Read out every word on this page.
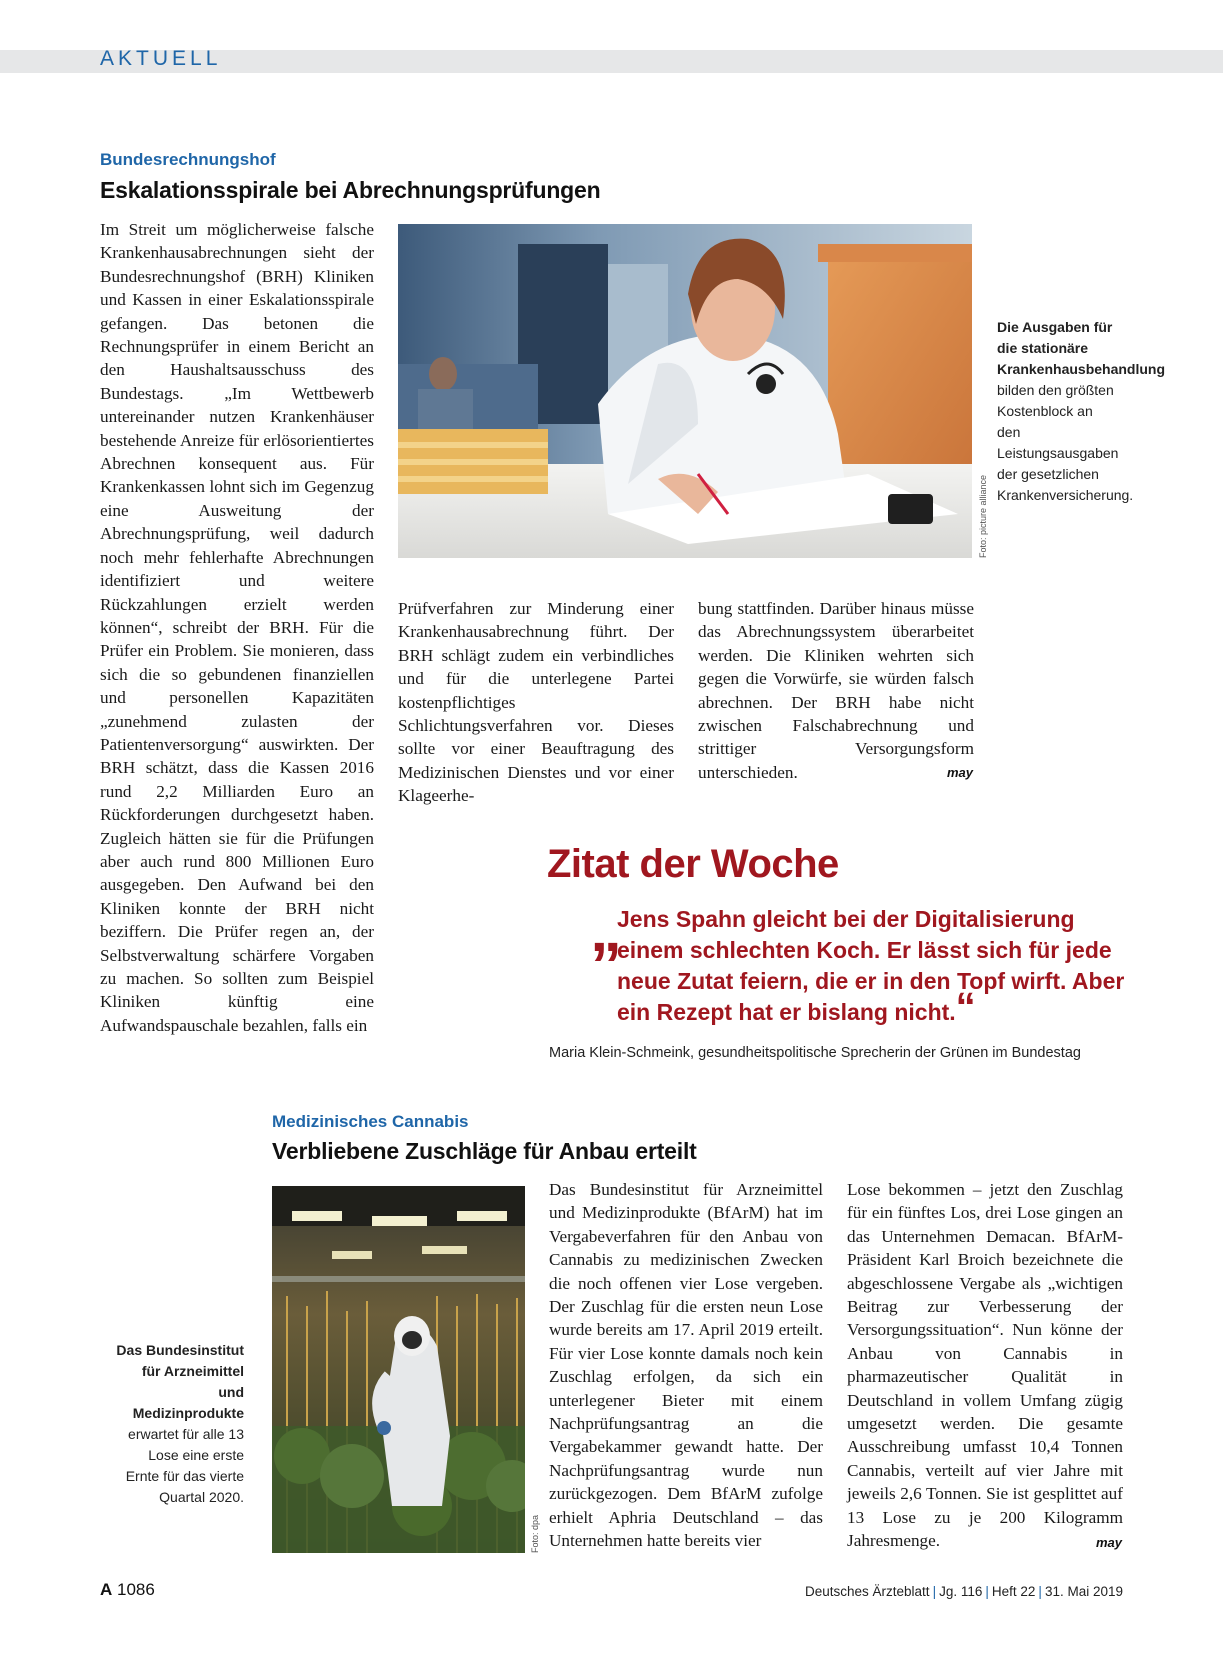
AKTUELL
Bundesrechnungshof
Eskalationsspirale bei Abrechnungsprüfungen
Im Streit um möglicherweise falsche Krankenhausabrechnungen sieht der Bundesrechnungshof (BRH) Kliniken und Kassen in einer Eskalationsspirale gefangen. Das betonen die Rechnungsprüfer in einem Bericht an den Haushaltsausschuss des Bundestags. „Im Wettbewerb untereinander nutzen Krankenhäuser bestehende Anreize für erlösorientiertes Abrechnen konsequent aus. Für Krankenkassen lohnt sich im Gegenzug eine Ausweitung der Abrechnungsprüfung, weil dadurch noch mehr fehlerhafte Abrechnungen identifiziert und weitere Rückzahlungen erzielt werden können“, schreibt der BRH. Für die Prüfer ein Problem. Sie monieren, dass sich die so gebundenen finanziellen und personellen Kapazitäten „zunehmend zulasten der Patientenversorgung“ auswirkten. Der BRH schätzt, dass die Kassen 2016 rund 2,2 Milliarden Euro an Rückforderungen durchgesetzt haben. Zugleich hätten sie für die Prüfungen aber auch rund 800 Millionen Euro ausgegeben. Den Aufwand bei den Kliniken konnte der BRH nicht beziffern. Die Prüfer regen an, der Selbstverwaltung schärfere Vorgaben zu machen. So sollten zum Beispiel Kliniken künftig eine Aufwandspauschale bezahlen, falls ein
Foto: picture alliance
Die Ausgaben für die stationäre Krankenhausbehandlung bilden den größten Kostenblock an den Leistungsausgaben der gesetzlichen Krankenversicherung.
Prüfverfahren zur Minderung einer Krankenhausabrechnung führt. Der BRH schlägt zudem ein verbindliches und für die unterlegene Partei kostenpflichtiges Schlichtungsverfahren vor. Dieses sollte vor einer Beauftragung des Medizinischen Dienstes und vor einer Klageerhe-
bung stattfinden. Darüber hinaus müsse das Abrechnungssystem überarbeitet werden. Die Kliniken wehrten sich gegen die Vorwürfe, sie würden falsch abrechnen. Der BRH habe nicht zwischen Falschabrechnung und strittiger Versorgungsform unterschieden.	may
Zitat der Woche
„
Jens Spahn gleicht bei der Digitalisierung einem schlechten Koch. Er lässt sich für jede neue Zutat feiern, die er in den Topf wirft. Aber ein Rezept hat er bislang nicht.“
Maria Klein-Schmeink, gesundheitspolitische Sprecherin der Grünen im Bundestag
Medizinisches Cannabis
Verbliebene Zuschläge für Anbau erteilt
Das Bundesinstitut für Arzneimittel und Medizinprodukte erwartet für alle 13 Lose eine erste Ernte für das vierte Quartal 2020.
Foto: dpa
Das Bundesinstitut für Arzneimittel und Medizinprodukte (BfArM) hat im Vergabeverfahren für den Anbau von Cannabis zu medizinischen Zwecken die noch offenen vier Lose vergeben. Der Zuschlag für die ersten neun Lose wurde bereits am 17. April 2019 erteilt. Für vier Lose konnte damals noch kein Zuschlag erfolgen, da sich ein unterlegener Bieter mit einem Nachprüfungsantrag an die Vergabekammer gewandt hatte. Der Nachprüfungsantrag wurde nun zurückgezogen. Dem BfArM zufolge erhielt Aphria Deutschland – das Unternehmen hatte bereits vier
Lose bekommen – jetzt den Zuschlag für ein fünftes Los, drei Lose gingen an das Unternehmen Demacan. BfArM-Präsident Karl Broich bezeichnete die abgeschlossene Vergabe als „wichtigen Beitrag zur Verbesserung der Versorgungssituation“. Nun könne der Anbau von Cannabis in pharmazeutischer Qualität in Deutschland in vollem Umfang zügig umgesetzt werden. Die gesamte Ausschreibung umfasst 10,4 Tonnen Cannabis, verteilt auf vier Jahre mit jeweils 2,6 Tonnen. Sie ist gesplittet auf 13 Lose zu je 200 Kilogramm Jahresmenge.	may
A 1086	Deutsches Ärzteblatt | Jg. 116 | Heft 22 | 31. Mai 2019
